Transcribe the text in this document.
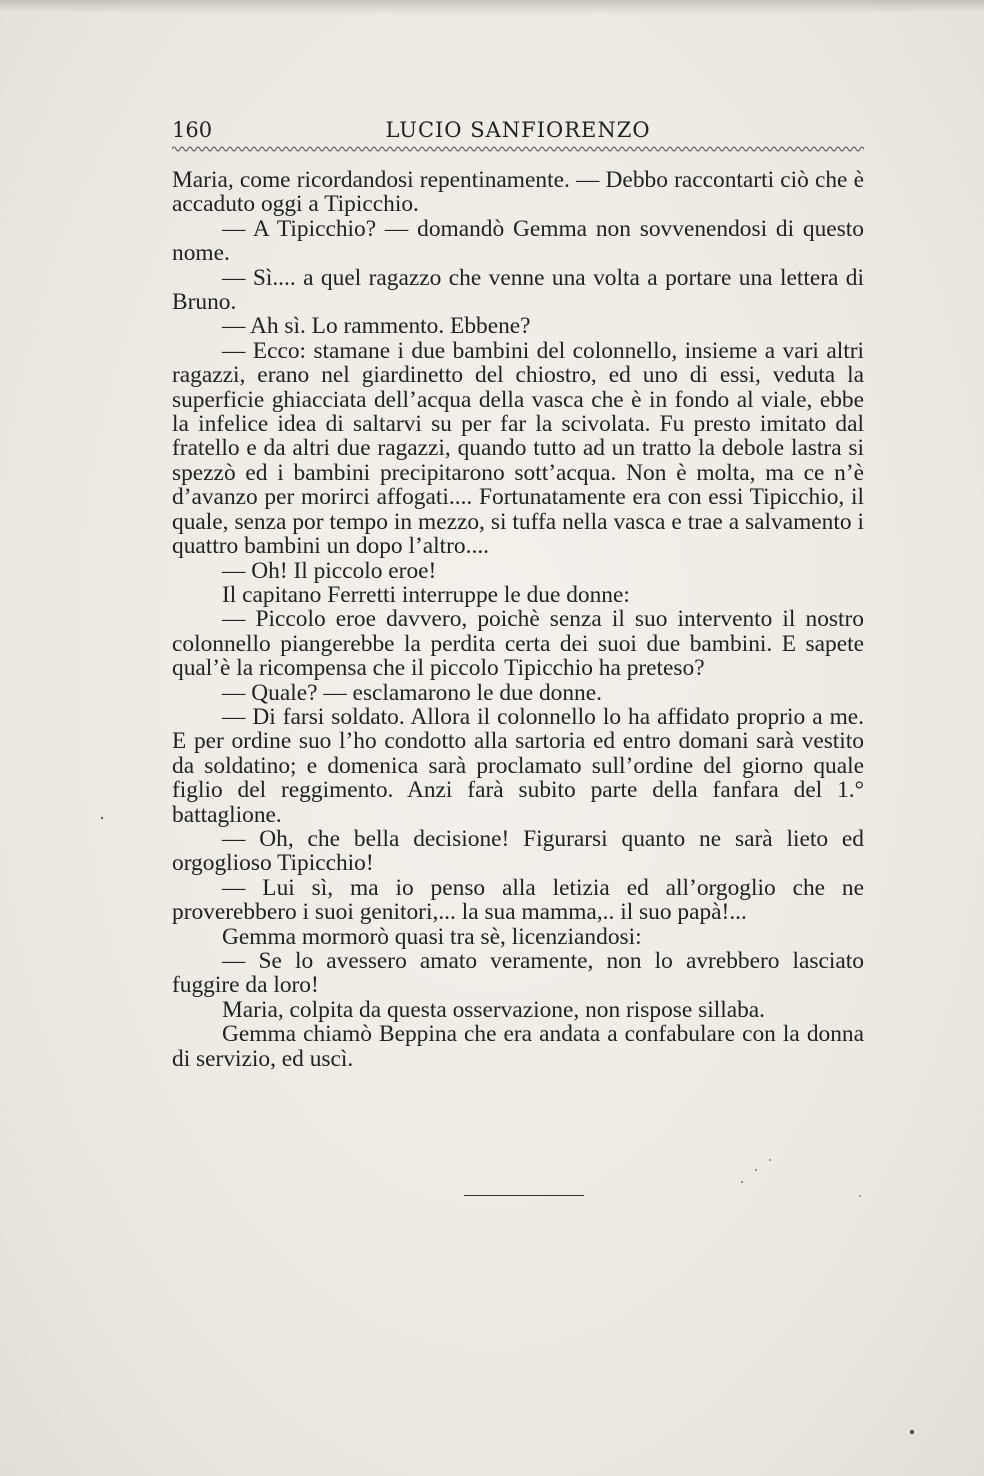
160	LUCIO SANFIORENZO

Maria, come ricordandosi repentinamente. — Debbo raccontarti ciò che è accaduto oggi a Tipicchio.

— A Tipicchio? — domandò Gemma non sovvenendosi di questo nome.

— Sì.... a quel ragazzo che venne una volta a portare una lettera di Bruno.

— Ah sì. Lo rammento. Ebbene?

— Ecco: stamane i due bambini del colonnello, insieme a vari altri ragazzi, erano nel giardinetto del chiostro, ed uno di essi, veduta la superficie ghiacciata dell’acqua della vasca che è in fondo al viale, ebbe la infelice idea di saltarvi su per far la scivolata. Fu presto imitato dal fratello e da altri due ragazzi, quando tutto ad un tratto la debole lastra si spezzò ed i bambini precipitarono sott’acqua. Non è molta, ma ce n’è d’avanzo per morirci affogati.... Fortunatamente era con essi Tipicchio, il quale, senza por tempo in mezzo, si tuffa nella vasca e trae a salvamento i quattro bambini un dopo l’altro....

— Oh! Il piccolo eroe!

Il capitano Ferretti interruppe le due donne:

— Piccolo eroe davvero, poichè senza il suo intervento il nostro colonnello piangerebbe la perdita certa dei suoi due bambini. E sapete qual’è la ricompensa che il piccolo Tipicchio ha preteso?

— Quale? — esclamarono le due donne.

— Di farsi soldato. Allora il colonnello lo ha affidato proprio a me. E per ordine suo l’ho condotto alla sartoria ed entro domani sarà vestito da soldatino; e domenica sarà proclamato sull’ordine del giorno quale figlio del reggimento. Anzi farà subito parte della fanfara del 1.° battaglione.

— Oh, che bella decisione! Figurarsi quanto ne sarà lieto ed orgoglioso Tipicchio!

— Lui sì, ma io penso alla letizia ed all’orgoglio che ne proverebbero i suoi genitori,... la sua mamma,.. il suo papà!...

Gemma mormorò quasi tra sè, licenziandosi:

— Se lo avessero amato veramente, non lo avrebbero lasciato fuggire da loro!

Maria, colpita da questa osservazione, non rispose sillaba.

Gemma chiamò Beppina che era andata a confabulare con la donna di servizio, ed uscì.
